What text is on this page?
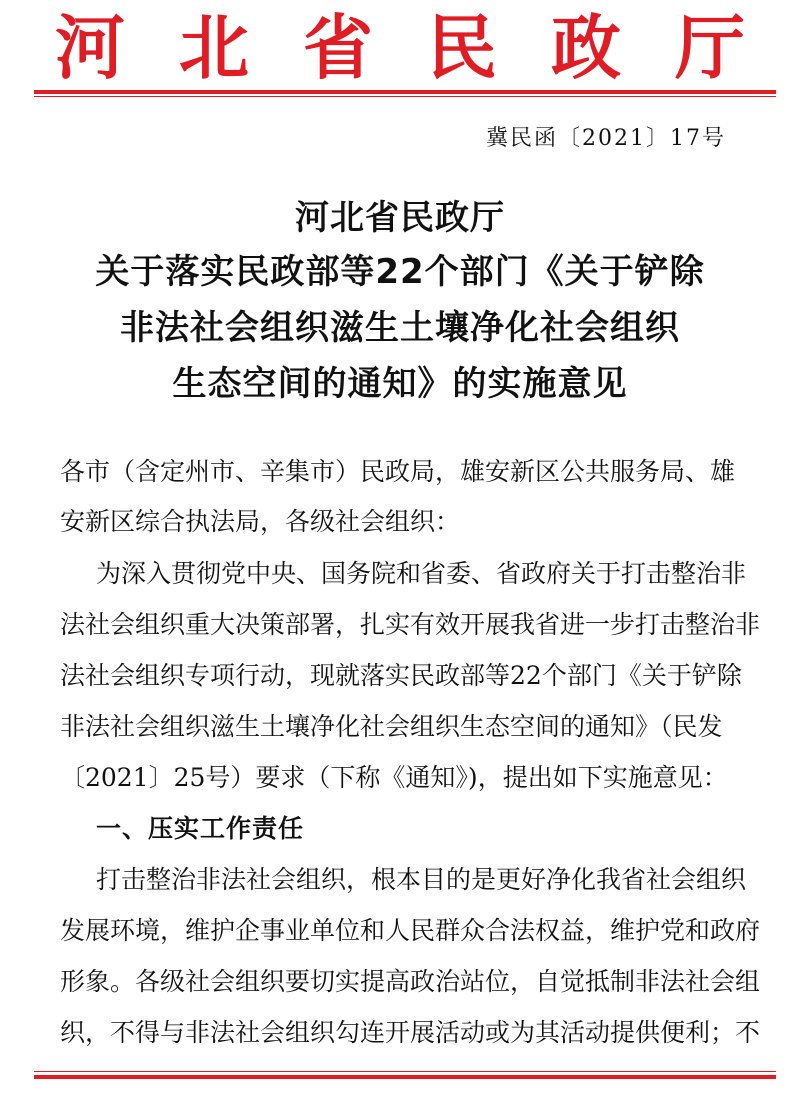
河北省民政厅
冀民函〔2021〕17号
河北省民政厅
关于落实民政部等22个部门《关于铲除
非法社会组织滋生土壤净化社会组织
生态空间的通知》的实施意见
各市（含定州市、辛集市）民政局，雄安新区公共服务局、雄
安新区综合执法局，各级社会组织：
为深入贯彻党中央、国务院和省委、省政府关于打击整治非
法社会组织重大决策部署，扎实有效开展我省进一步打击整治非
法社会组织专项行动，现就落实民政部等22个部门《关于铲除
非法社会组织滋生土壤净化社会组织生态空间的通知》（民发
〔2021〕25号）要求（下称《通知》)，提出如下实施意见：
一、压实工作责任
打击整治非法社会组织，根本目的是更好净化我省社会组织
发展环境，维护企事业单位和人民群众合法权益，维护党和政府
形象。各级社会组织要切实提高政治站位，自觉抵制非法社会组
织，不得与非法社会组织勾连开展活动或为其活动提供便利；不
